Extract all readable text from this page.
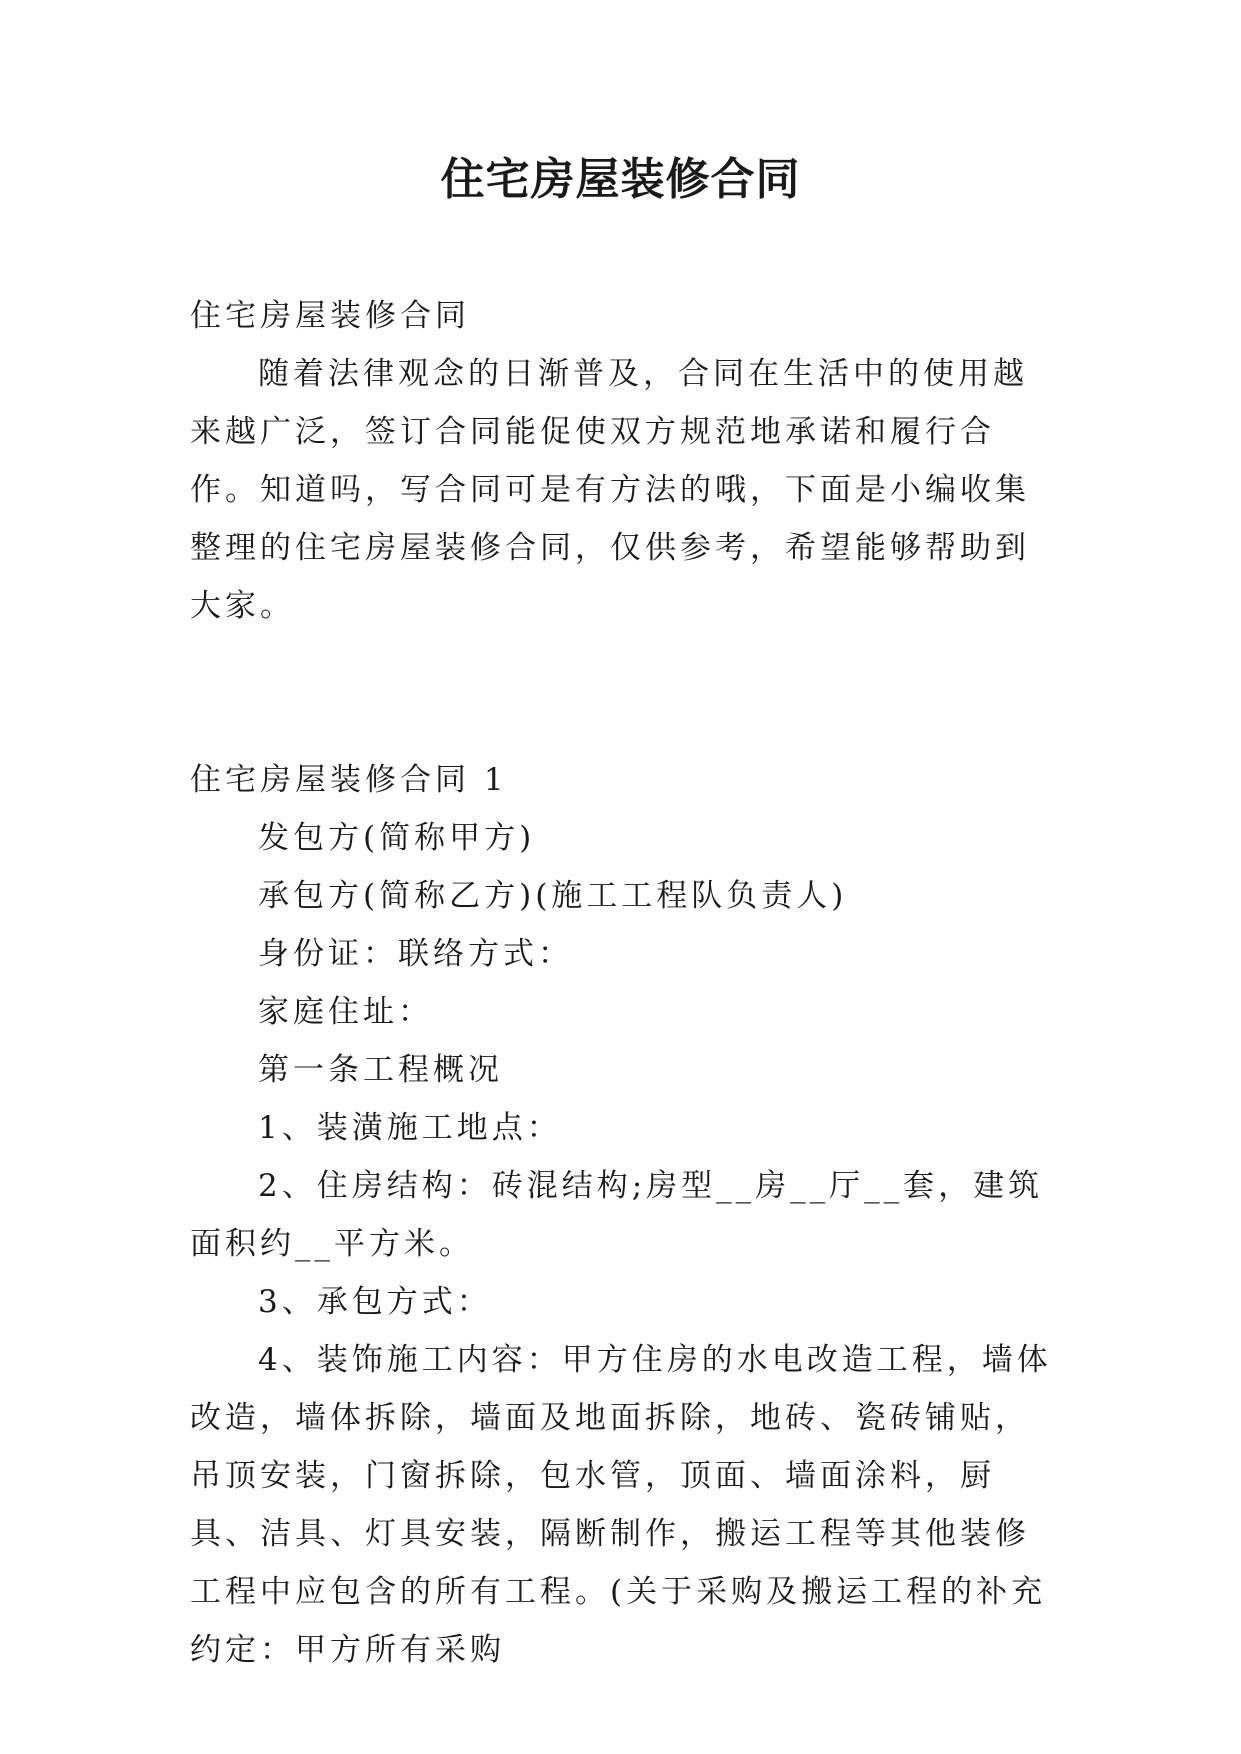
住宅房屋装修合同

住宅房屋装修合同

随着法律观念的日渐普及，合同在生活中的使用越来越广泛，签订合同能促使双方规范地承诺和履行合作。知道吗，写合同可是有方法的哦，下面是小编收集整理的住宅房屋装修合同，仅供参考，希望能够帮助到大家。

住宅房屋装修合同 1

发包方(简称甲方)

承包方(简称乙方)(施工工程队负责人)

身份证：联络方式：

家庭住址：

第一条工程概况

1、装潢施工地点：

2、住房结构：砖混结构;房型__房__厅__套，建筑面积约__平方米。

3、承包方式：

4、装饰施工内容：甲方住房的水电改造工程，墙体改造，墙体拆除，墙面及地面拆除，地砖、瓷砖铺贴，吊顶安装，门窗拆除，包水管，顶面、墙面涂料，厨具、洁具、灯具安装，隔断制作，搬运工程等其他装修工程中应包含的所有工程。(关于采购及搬运工程的补充约定：甲方所有采购
